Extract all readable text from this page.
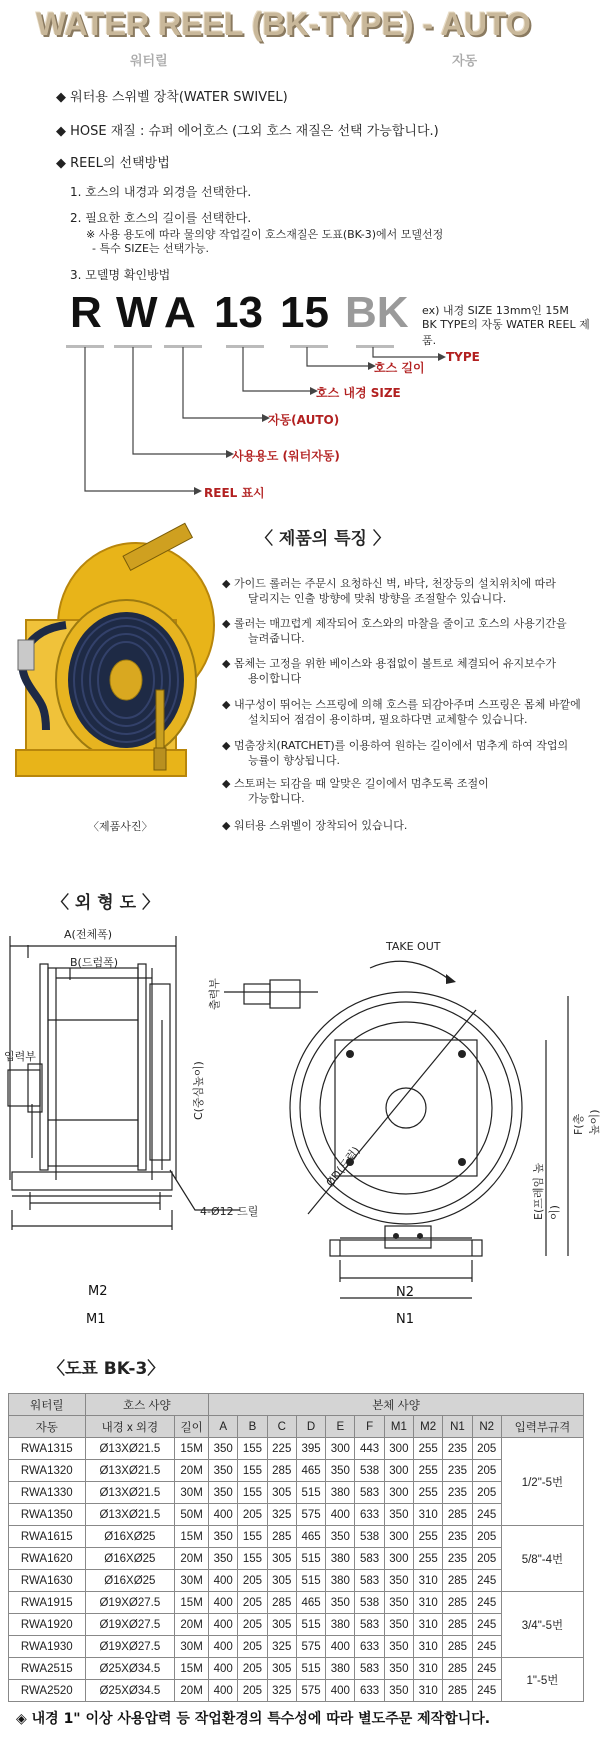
WATER REEL (BK-TYPE) - AUTO
워터릴	자동
◆ 워터용 스위벨 장착(WATER SWIVEL)
◆ HOSE 재질 : 슈퍼 에어호스 (그외 호스 재질은 선택 가능합니다.)
◆ REEL의 선택방법
1. 호스의 내경과 외경을 선택한다.
2. 필요한 호스의 길이를 선택한다.
※ 사용 용도에 따라 물의양 작업길이 호스재질은 도표(BK-3)에서 모델선정
- 특수 SIZE는 선택가능.
3. 모델명 확인방법
R W A 13 15 BK ex) 내경 SIZE 13mm인 15M
BK TYPE의 자동 WATER REEL 제품.
TYPE
호스 길이
호스 내경 SIZE
자동(AUTO)
사용용도 (워터자동)
REEL 표시
〈 제품의 특징 〉
〈제품사진〉
◆ 가이드 롤러는 주문시 요청하신 벽, 바닥, 천장등의 설치위치에 따라
달리지는 인출 방향에 맞춰 방향을 조절할수 있습니다.
◆ 롤러는 매끄럽게 제작되어 호스와의 마찰을 줄이고 호스의 사용기간을
늘려줍니다.
◆ 몸체는 고정을 위한 베이스와 용접없이 볼트로 체결되어 유지보수가
용이합니다
◆ 내구성이 뛰어는 스프링에 의해 호스를 되감아주며 스프링은 몸체 바깥에
설치되어 점검이 용이하며, 필요하다면 교체할수 있습니다.
◆ 멈춤장치(RATCHET)를 이용하여 원하는 길이에서 멈추게 하여 작업의
능률이 향상됩니다.
◆ 스토퍼는 되감을 때 알맞은 길이에서 멈추도록 조절이
가능합니다.
◆ 워터용 스위벨이 장착되어 있습니다.
〈 외 형 도 〉
A(전체폭)
B(드럼폭)
C(중심높이)
ØD(드럼)	E(프레임 높이)
F(총높이)
M2
M1
N2
N1
4-Ø12 드릴
입력부
TAKE OUT
출력부
〈도표 BK-3〉
워터릴	호스 사양		본체 사양										
자동	내경 x 외경	길이	A	B	C	D	E	F	M1	M2	N1	N2	입력부규격
RWA1315	Ø13XØ21.5	15M	350	155	225	395	300	443	300	255	235	205	1/2"-5번
RWA1320	Ø13XØ21.5	20M	350	155	285	465	350	538	300	255	235	205	
RWA1330	Ø13XØ21.5	30M	350	155	305	515	380	583	300	255	235	205	
RWA1350	Ø13XØ21.5	50M	400	205	325	575	400	633	350	310	285	245	
RWA1615	Ø16XØ25	15M	350	155	285	465	350	538	300	255	235	205	5/8"-4번
RWA1620	Ø16XØ25	20M	350	155	305	515	380	583	300	255	235	205	
RWA1630	Ø16XØ25	30M	400	205	305	515	380	583	350	310	285	245	
RWA1915	Ø19XØ27.5	15M	400	205	285	465	350	538	350	310	285	245	3/4"-5번
RWA1920	Ø19XØ27.5	20M	400	205	305	515	380	583	350	310	285	245	
RWA1930	Ø19XØ27.5	30M	400	205	325	575	400	633	350	310	285	245	
RWA2515	Ø25XØ34.5	15M	400	205	305	515	380	583	350	310	285	245	1"-5번
RWA2520	Ø25XØ34.5	20M	400	205	325	575	400	633	350	310	285	245	
◈ 내경 1" 이상 사용압력 등 작업환경의 특수성에 따라 별도주문 제작합니다.
